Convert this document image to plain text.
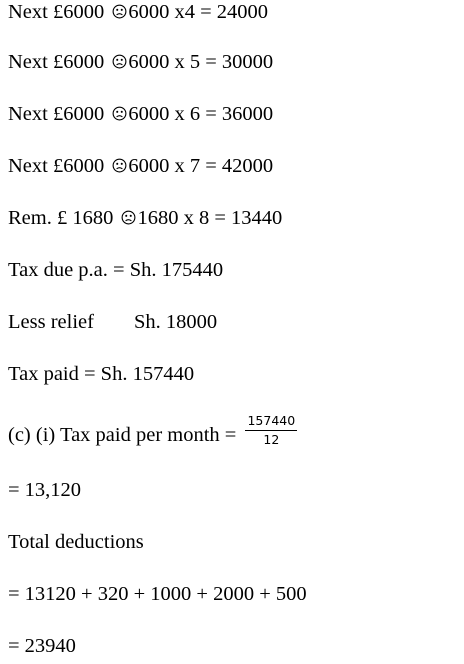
Next £6000 6000 x4 = 24000
Next £6000 6000 x 5 = 30000
Next £6000 6000 x 6 = 36000
Next £6000 6000 x 7 = 42000
Rem. £ 1680 1680 x 8 = 13440
Tax due p.a. = Sh. 175440
Less relief Sh. 18000
Tax paid = Sh. 157440
(c) (i) Tax paid per month = $\frac{157440}{12}$
= 13,120
Total deductions
= 13120 + 320 + 1000 + 2000 + 500
= 23940
